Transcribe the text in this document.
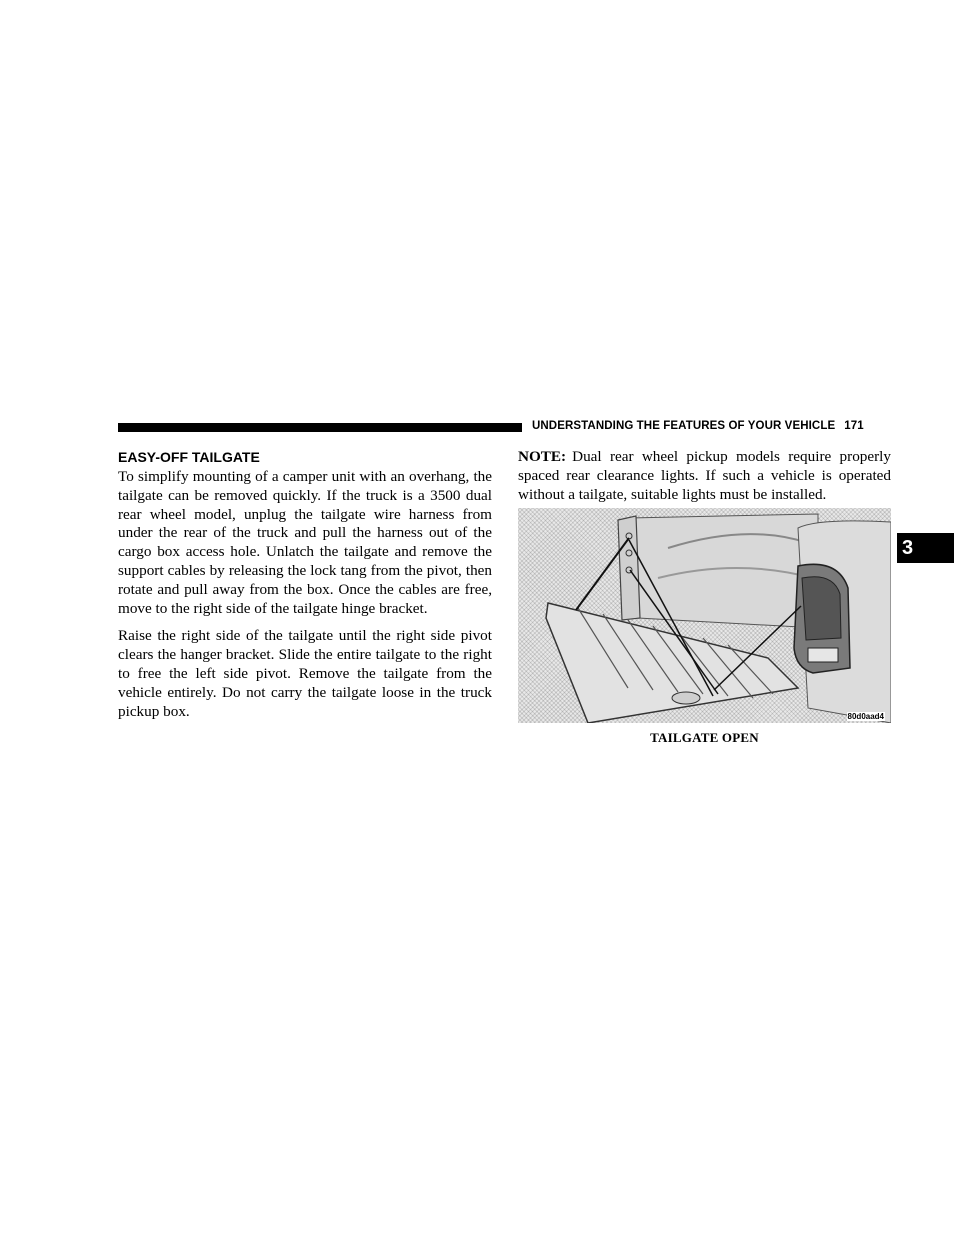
UNDERSTANDING THE FEATURES OF YOUR VEHICLE 171
3
EASY-OFF TAILGATE

To simplify mounting of a camper unit with an overhang, the tailgate can be removed quickly. If the truck is a 3500 dual rear wheel model, unplug the tailgate wire harness from under the rear of the truck and pull the harness out of the cargo box access hole. Unlatch the tailgate and remove the support cables by releasing the lock tang from the pivot, then rotate and pull away from the box. Once the cables are free, move to the right side of the tailgate hinge bracket.

Raise the right side of the tailgate until the right side pivot clears the hanger bracket. Slide the entire tailgate to the right to free the left side pivot. Remove the tailgate from the vehicle entirely. Do not carry the tailgate loose in the truck pickup box.

NOTE: Dual rear wheel pickup models require properly spaced rear clearance lights. If such a vehicle is operated without a tailgate, suitable lights must be installed.

80d0aad4
TAILGATE OPEN
